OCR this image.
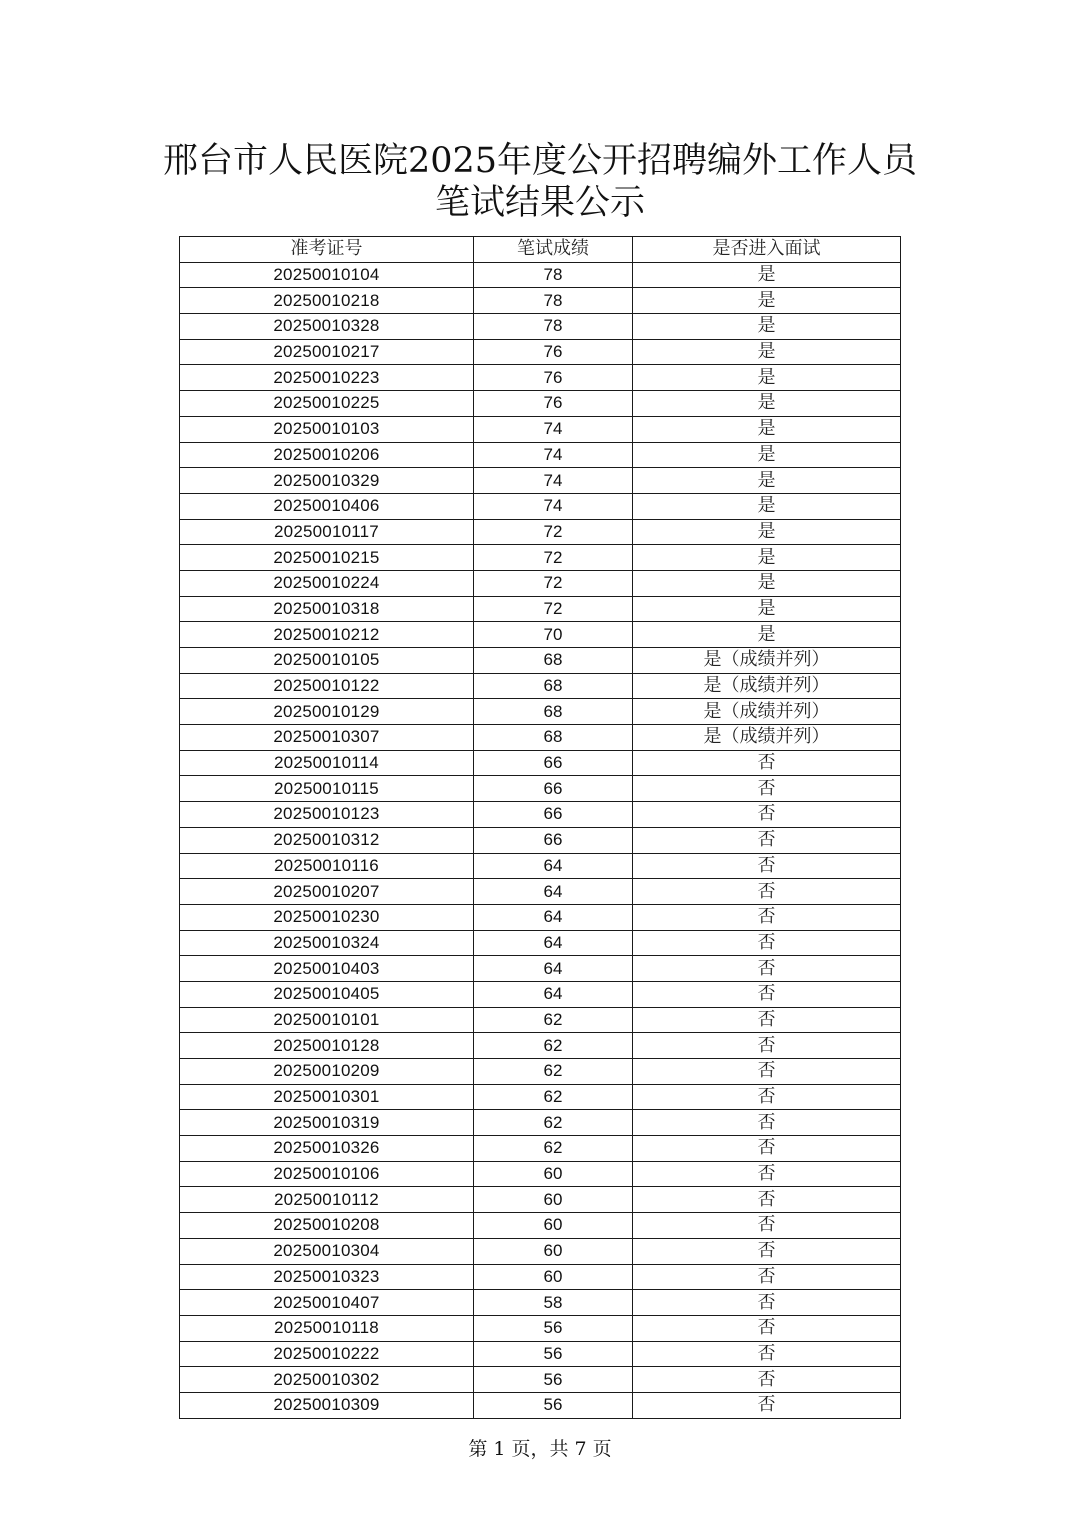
邢台市人民医院2025年度公开招聘编外工作人员
笔试结果公示
准考证号	笔试成绩	是否进入面试
20250010104	78	是
20250010218	78	是
20250010328	78	是
20250010217	76	是
20250010223	76	是
20250010225	76	是
20250010103	74	是
20250010206	74	是
20250010329	74	是
20250010406	74	是
20250010117	72	是
20250010215	72	是
20250010224	72	是
20250010318	72	是
20250010212	70	是
20250010105	68	是（成绩并列）
20250010122	68	是（成绩并列）
20250010129	68	是（成绩并列）
20250010307	68	是（成绩并列）
20250010114	66	否
20250010115	66	否
20250010123	66	否
20250010312	66	否
20250010116	64	否
20250010207	64	否
20250010230	64	否
20250010324	64	否
20250010403	64	否
20250010405	64	否
20250010101	62	否
20250010128	62	否
20250010209	62	否
20250010301	62	否
20250010319	62	否
20250010326	62	否
20250010106	60	否
20250010112	60	否
20250010208	60	否
20250010304	60	否
20250010323	60	否
20250010407	58	否
20250010118	56	否
20250010222	56	否
20250010302	56	否
20250010309	56	否
第 1 页，共 7 页
